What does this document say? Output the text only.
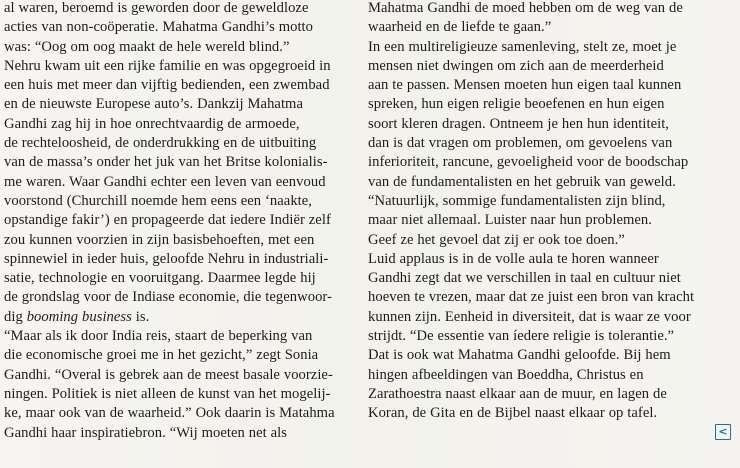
al waren, beroemd is geworden door de geweldloze
acties van non-coöperatie. Mahatma Gandhi’s motto
was: “Oog om oog maakt de hele wereld blind.”
Nehru kwam uit een rijke familie en was opgegroeid in
een huis met meer dan vijftig bedienden, een zwembad
en de nieuwste Europese auto’s. Dankzij Mahatma
Gandhi zag hij in hoe onrechtvaardig de armoede,
de rechteloosheid, de onderdrukking en de uitbuiting
van de massa’s onder het juk van het Britse kolonialis-
me waren. Waar Gandhi echter een leven van eenvoud
voorstond (Churchill noemde hem eens een ‘naakte,
opstandige fakir’) en propageerde dat iedere Indiër zelf
zou kunnen voorzien in zijn basisbehoeften, met een
spinnewiel in ieder huis, geloofde Nehru in industriali-
satie, technologie en vooruitgang. Daarmee legde hij
de grondslag voor de Indiase economie, die tegenwoor-
dig booming business is.
“Maar als ik door India reis, staart de beperking van
die economische groei me in het gezicht,” zegt Sonia
Gandhi. “Overal is gebrek aan de meest basale voorzie-
ningen. Politiek is niet alleen de kunst van het mogelij-
ke, maar ook van de waarheid.” Ook daarin is Matahma
Gandhi haar inspiratiebron. “Wij moeten net als
Mahatma Gandhi de moed hebben om de weg van de
waarheid en de liefde te gaan.”
In een multireligieuze samenleving, stelt ze, moet je
mensen niet dwingen om zich aan de meerderheid
aan te passen. Mensen moeten hun eigen taal kunnen
spreken, hun eigen religie beoefenen en hun eigen
soort kleren dragen. Ontneem je hen hun identiteit,
dan is dat vragen om problemen, om gevoelens van
inferioriteit, rancune, gevoeligheid voor de boodschap
van de fundamentalisten en het gebruik van geweld.
“Natuurlijk, sommige fundamentalisten zijn blind,
maar niet allemaal. Luister naar hun problemen.
Geef ze het gevoel dat zij er ook toe doen.”
Luid applaus is in de volle aula te horen wanneer
Gandhi zegt dat we verschillen in taal en cultuur niet
hoeven te vrezen, maar dat ze juist een bron van kracht
kunnen zijn. Eenheid in diversiteit, dat is waar ze voor
strijdt. “De essentie van íedere religie is tolerantie.”
Dat is ook wat Mahatma Gandhi geloofde. Bij hem
hingen afbeeldingen van Boeddha, Christus en
Zarathoestra naast elkaar aan de muur, en lagen de
Koran, de Gita en de Bijbel naast elkaar op tafel.
<
